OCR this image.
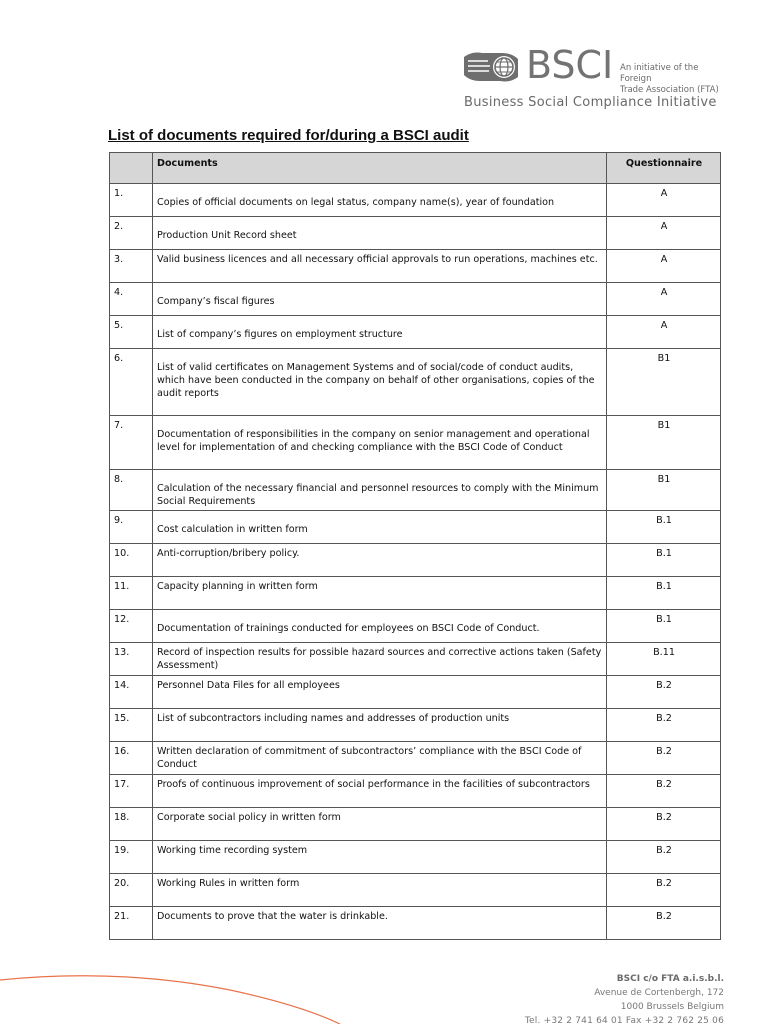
BSCI An initiative of the Foreign
Trade Association (FTA)
Business Social Compliance Initiative
List of documents required for/during a BSCI audit
	Documents	Questionnaire
1.	Copies of official documents on legal status, company name(s), year of foundation	A
2.	Production Unit Record sheet	A
3.	Valid business licences and all necessary official approvals to run operations, machines etc.	A
4.	Company’s fiscal figures	A
5.	List of company’s figures on employment structure	A
6.	List of valid certificates on Management Systems and of social/code of conduct audits, which have been conducted in the company on behalf of other organisations, copies of the audit reports	B1
7.	Documentation of responsibilities in the company on senior management and operational level for implementation of and checking compliance with the BSCI Code of Conduct	B1
8.	Calculation of the necessary financial and personnel resources to comply with the Minimum Social Requirements	B1
9.	Cost calculation in written form	B.1
10.	Anti-corruption/bribery policy.	B.1
11.	Capacity planning in written form	B.1
12.	Documentation of trainings conducted for employees on BSCI Code of Conduct.	B.1
13.	Record of inspection results for possible hazard sources and corrective actions taken (Safety Assessment)	B.11
14.	Personnel Data Files for all employees	B.2
15.	List of subcontractors including names and addresses of production units	B.2
16.	Written declaration of commitment of subcontractors’ compliance with the BSCI Code of Conduct	B.2
17.	Proofs of continuous improvement of social performance in the facilities of subcontractors	B.2
18.	Corporate social policy in written form	B.2
19.	Working time recording system	B.2
20.	Working Rules in written form	B.2
21.	Documents to prove that the water is drinkable.	B.2
BSCI c/o FTA a.i.s.b.l.
Avenue de Cortenbergh, 172
1000 Brussels Belgium
Tel. +32 2 741 64 01 Fax +32 2 762 25 06
